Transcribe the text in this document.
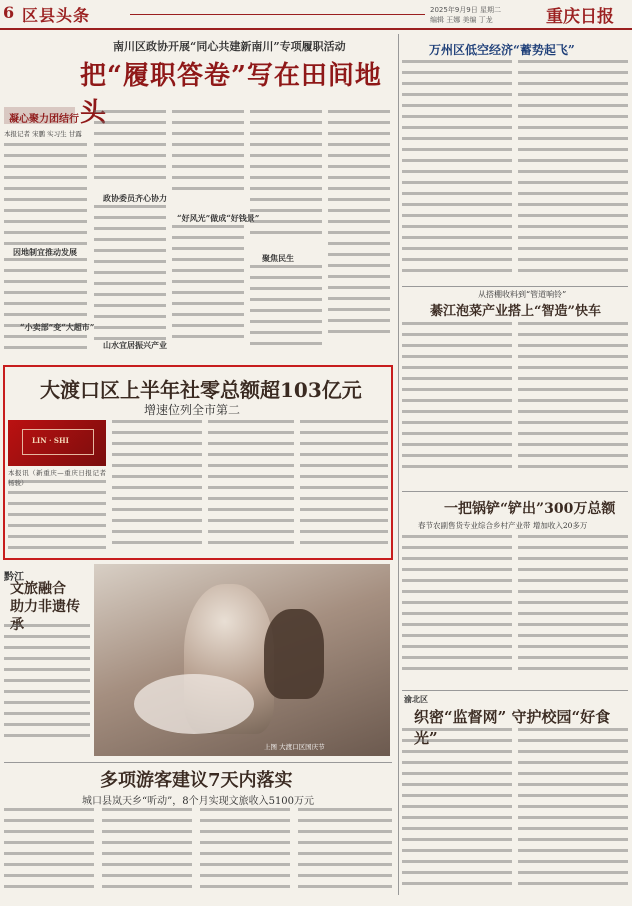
6 区县头条	2025年9月9日 星期二
编辑 王娜 美编 丁龙	重庆日报
南川区政协开展“同心共建新南川”专项履职活动
把“履职答卷”写在田间地头
凝心聚力团结行
本报记者 宋鹏 实习生 甘露
因地制宜推动发展
政协委员齐心协力
“好风光”做成“好钱景”
聚焦民生
“小卖部”变“大超市”
山水宜居振兴产业
大渡口区上半年社零总额超103亿元
增速位列全市第二
LIN · SHI
本报讯（新重庆—重庆日报记者 杨骏）
黔江
文旅融合
助力非遗传承
上图 大渡口区国庆节
多项游客建议7天内落实
城口县岚天乡“听动”，8个月实现文旅收入5100万元
万州区低空经济“蓄势起飞”
从搭棚收料到“管道响铃”
綦江泡菜产业搭上“智造”快车
一把锅铲“铲出”300万总额
春节农副售货专业综合乡村产业带 增加收入20多万
渝北区
织密“监督网” 守护校园“好食光”
